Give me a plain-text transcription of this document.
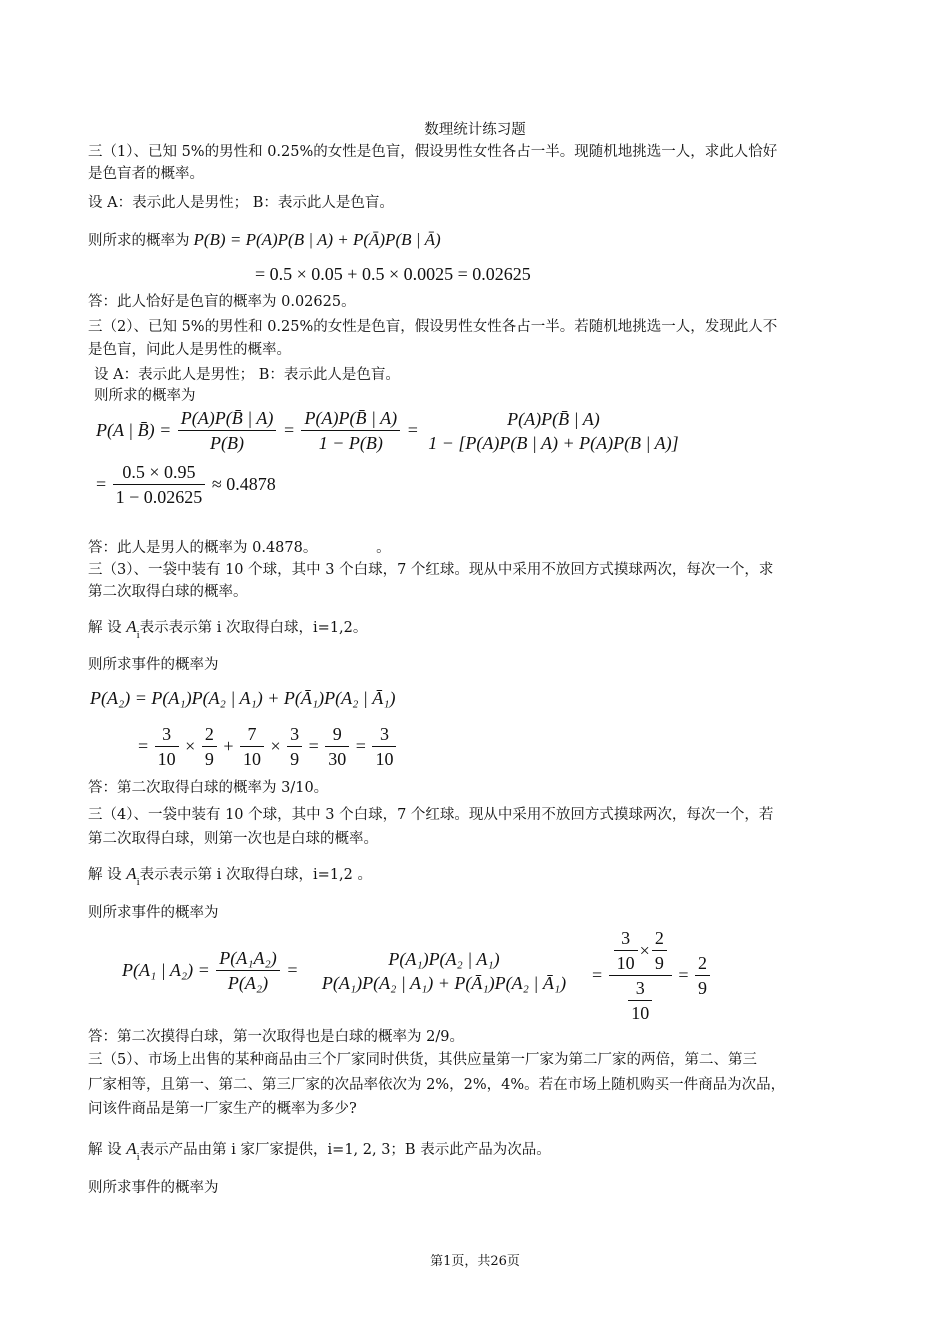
数理统计练习题
三（1）、已知 5%的男性和 0.25%的女性是色盲，假设男性女性各占一半。现随机地挑选一人，求此人恰好
是色盲者的概率。
设 A：表示此人是男性； B：表示此人是色盲。
则所求的概率为 P(B) = P(A)P(B | A) + P(Ā)P(B | Ā)
= 0.5 × 0.05 + 0.5 × 0.0025 = 0.02625
答：此人恰好是色盲的概率为 0.02625。
三（2）、已知 5%的男性和 0.25%的女性是色盲，假设男性女性各占一半。若随机地挑选一人，发现此人不
是色盲，问此人是男性的概率。
设 A：表示此人是男性； B：表示此人是色盲。
则所求的概率为
P(A | B̄) = $\frac{P(A)P(B̄ | A)}{P(B)} = \frac{P(A)P(B̄ | A)}{1 - P(B)}$ =
P(A)P(B̄ | A)
1 − [P(A)P(B | A) + P(A)P(B | A)]
= $\frac{0.5 \times 0.95}{1 - 0.02625} \approx 0.4878$
答：此人是男人的概率为 0.4878。	。
三（3）、一袋中装有 10 个球，其中 3 个白球，7 个红球。现从中采用不放回方式摸球两次，每次一个，求
第二次取得白球的概率。
解 设 $A_i$表示表示第 i 次取得白球，i=1,2。
则所求事件的概率为
P(A₂) = P(A₁)P(A₂ | A₁) + P(Ā₁)P(A₂ | Ā₁)
= $\frac{3}{10} \times \frac{2}{9} + \frac{7}{10} \times \frac{3}{9} = \frac{9}{30} = \frac{3}{10}$
答：第二次取得白球的概率为 3/10。
三（4）、一袋中装有 10 个球，其中 3 个白球，7 个红球。现从中采用不放回方式摸球两次，每次一个，若
第二次取得白球，则第一次也是白球的概率。
解 设 $A_i$表示表示第 i 次取得白球，i=1,2 。
则所求事件的概率为
P(A₁ | $A_2) = \frac{\text{P(A₁A₂)}}{\text{P(A₂)}}$ =
P(A₁)P(A₂ | A₁)
P(A₁)P(A₂ | A₁) + P(Ā₁)P(A₂ | Ā₁) = $\frac{\frac{3}{10} \times \frac{2}{9}}{\frac{3}{10}} = \frac{2}{9}$
答：第二次摸得白球，第一次取得也是白球的概率为 2/9。
三（5）、市场上出售的某种商品由三个厂家同时供货，其供应量第一厂家为第二厂家的两倍，第二、第三
厂家相等，且第一、第二、第三厂家的次品率依次为 2%，2%，4%。若在市场上随机购买一件商品为次品，
问该件商品是第一厂家生产的概率为多少?
解 设 $A_i$表示产品由第 i 家厂家提供，i=1, 2, 3；B 表示此产品为次品。
则所求事件的概率为
第1页，共26页
